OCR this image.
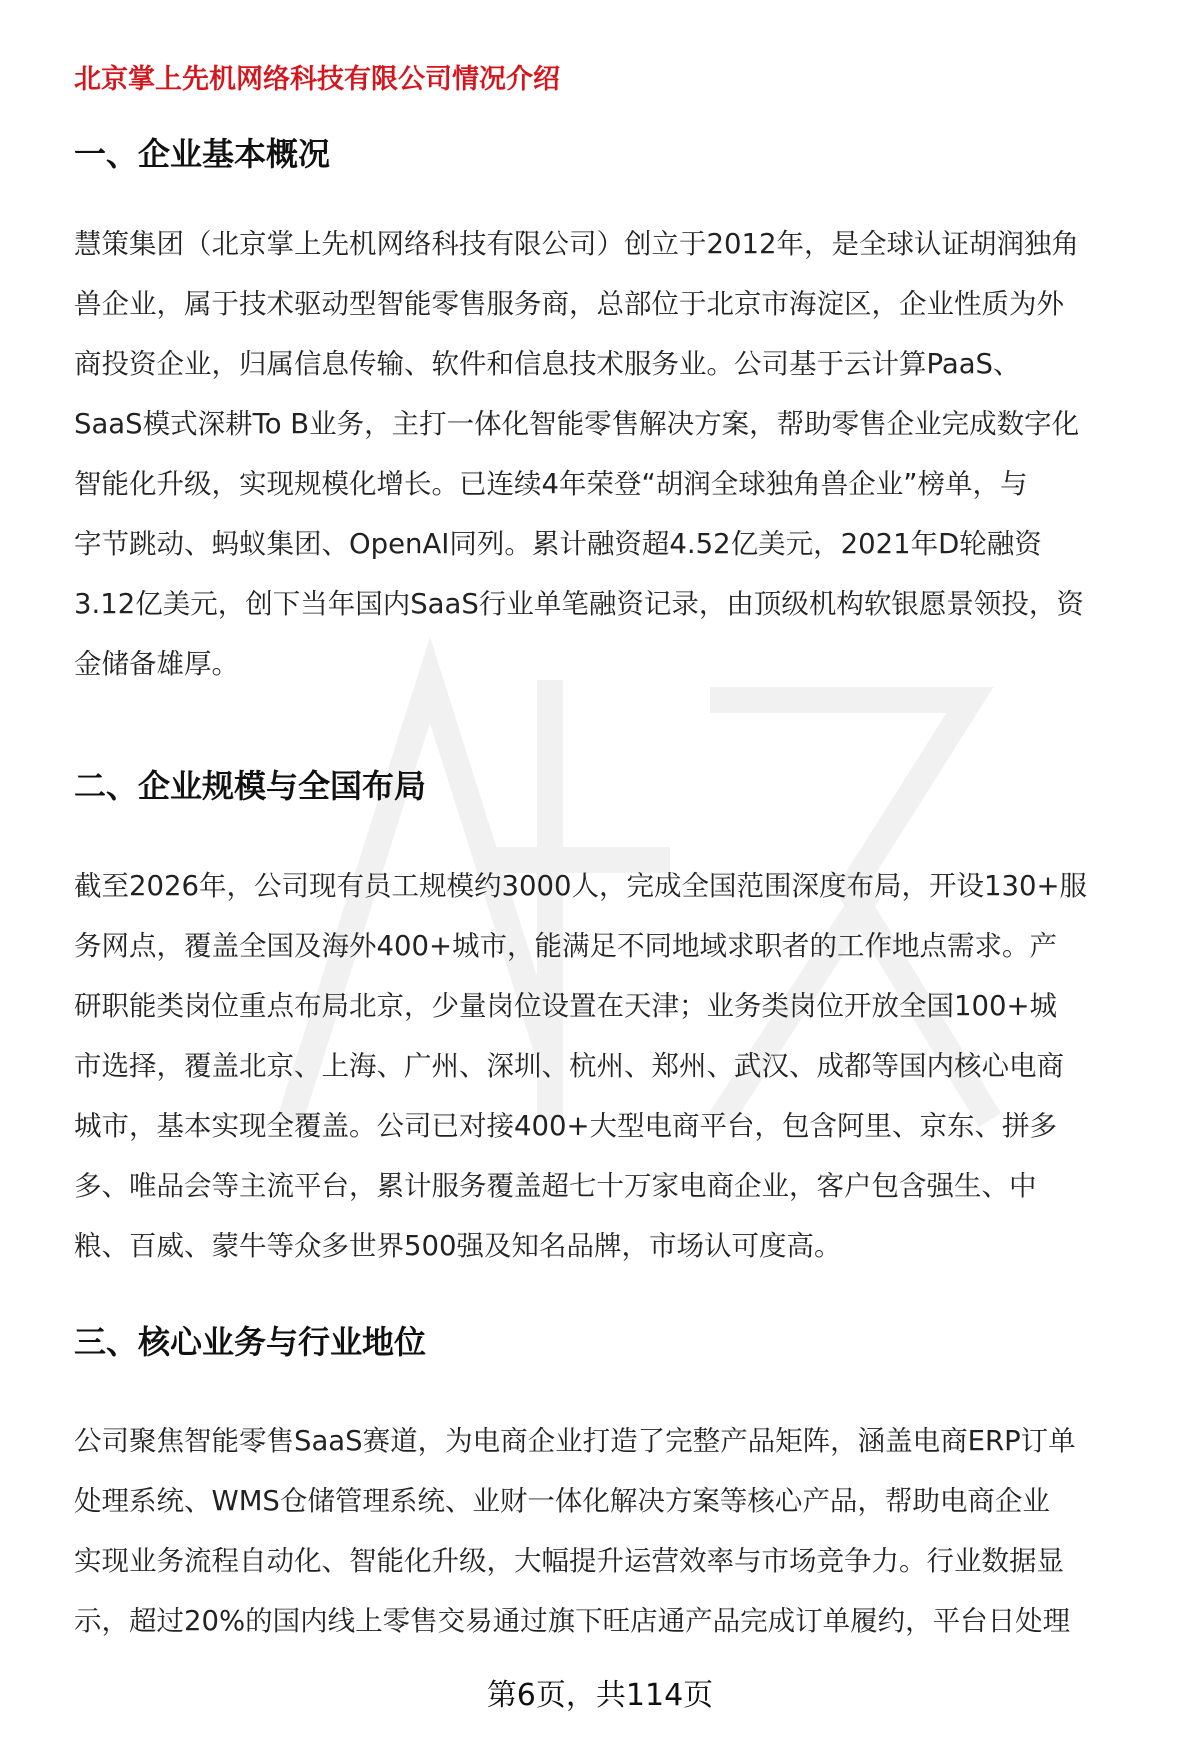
北京掌上先机网络科技有限公司情况介绍
一、企业基本概况
慧策集团（北京掌上先机网络科技有限公司）创立于2012年，是全球认证胡润独角
兽企业，属于技术驱动型智能零售服务商，总部位于北京市海淀区，企业性质为外
商投资企业，归属信息传输、软件和信息技术服务业。公司基于云计算PaaS、
SaaS模式深耕To B业务，主打一体化智能零售解决方案，帮助零售企业完成数字化
智能化升级，实现规模化增长。已连续4年荣登“胡润全球独角兽企业”榜单，与
字节跳动、蚂蚁集团、OpenAI同列。累计融资超4.52亿美元，2021年D轮融资
3.12亿美元，创下当年国内SaaS行业单笔融资记录，由顶级机构软银愿景领投，资
金储备雄厚。
二、企业规模与全国布局
截至2026年，公司现有员工规模约3000人，完成全国范围深度布局，开设130+服
务网点，覆盖全国及海外400+城市，能满足不同地域求职者的工作地点需求。产
研职能类岗位重点布局北京，少量岗位设置在天津；业务类岗位开放全国100+城
市选择，覆盖北京、上海、广州、深圳、杭州、郑州、武汉、成都等国内核心电商
城市，基本实现全覆盖。公司已对接400+大型电商平台，包含阿里、京东、拼多
多、唯品会等主流平台，累计服务覆盖超七十万家电商企业，客户包含强生、中
粮、百威、蒙牛等众多世界500强及知名品牌，市场认可度高。
三、核心业务与行业地位
公司聚焦智能零售SaaS赛道，为电商企业打造了完整产品矩阵，涵盖电商ERP订单
处理系统、WMS仓储管理系统、业财一体化解决方案等核心产品，帮助电商企业
实现业务流程自动化、智能化升级，大幅提升运营效率与市场竞争力。行业数据显
示，超过20%的国内线上零售交易通过旗下旺店通产品完成订单履约，平台日处理
第6页，共114页
